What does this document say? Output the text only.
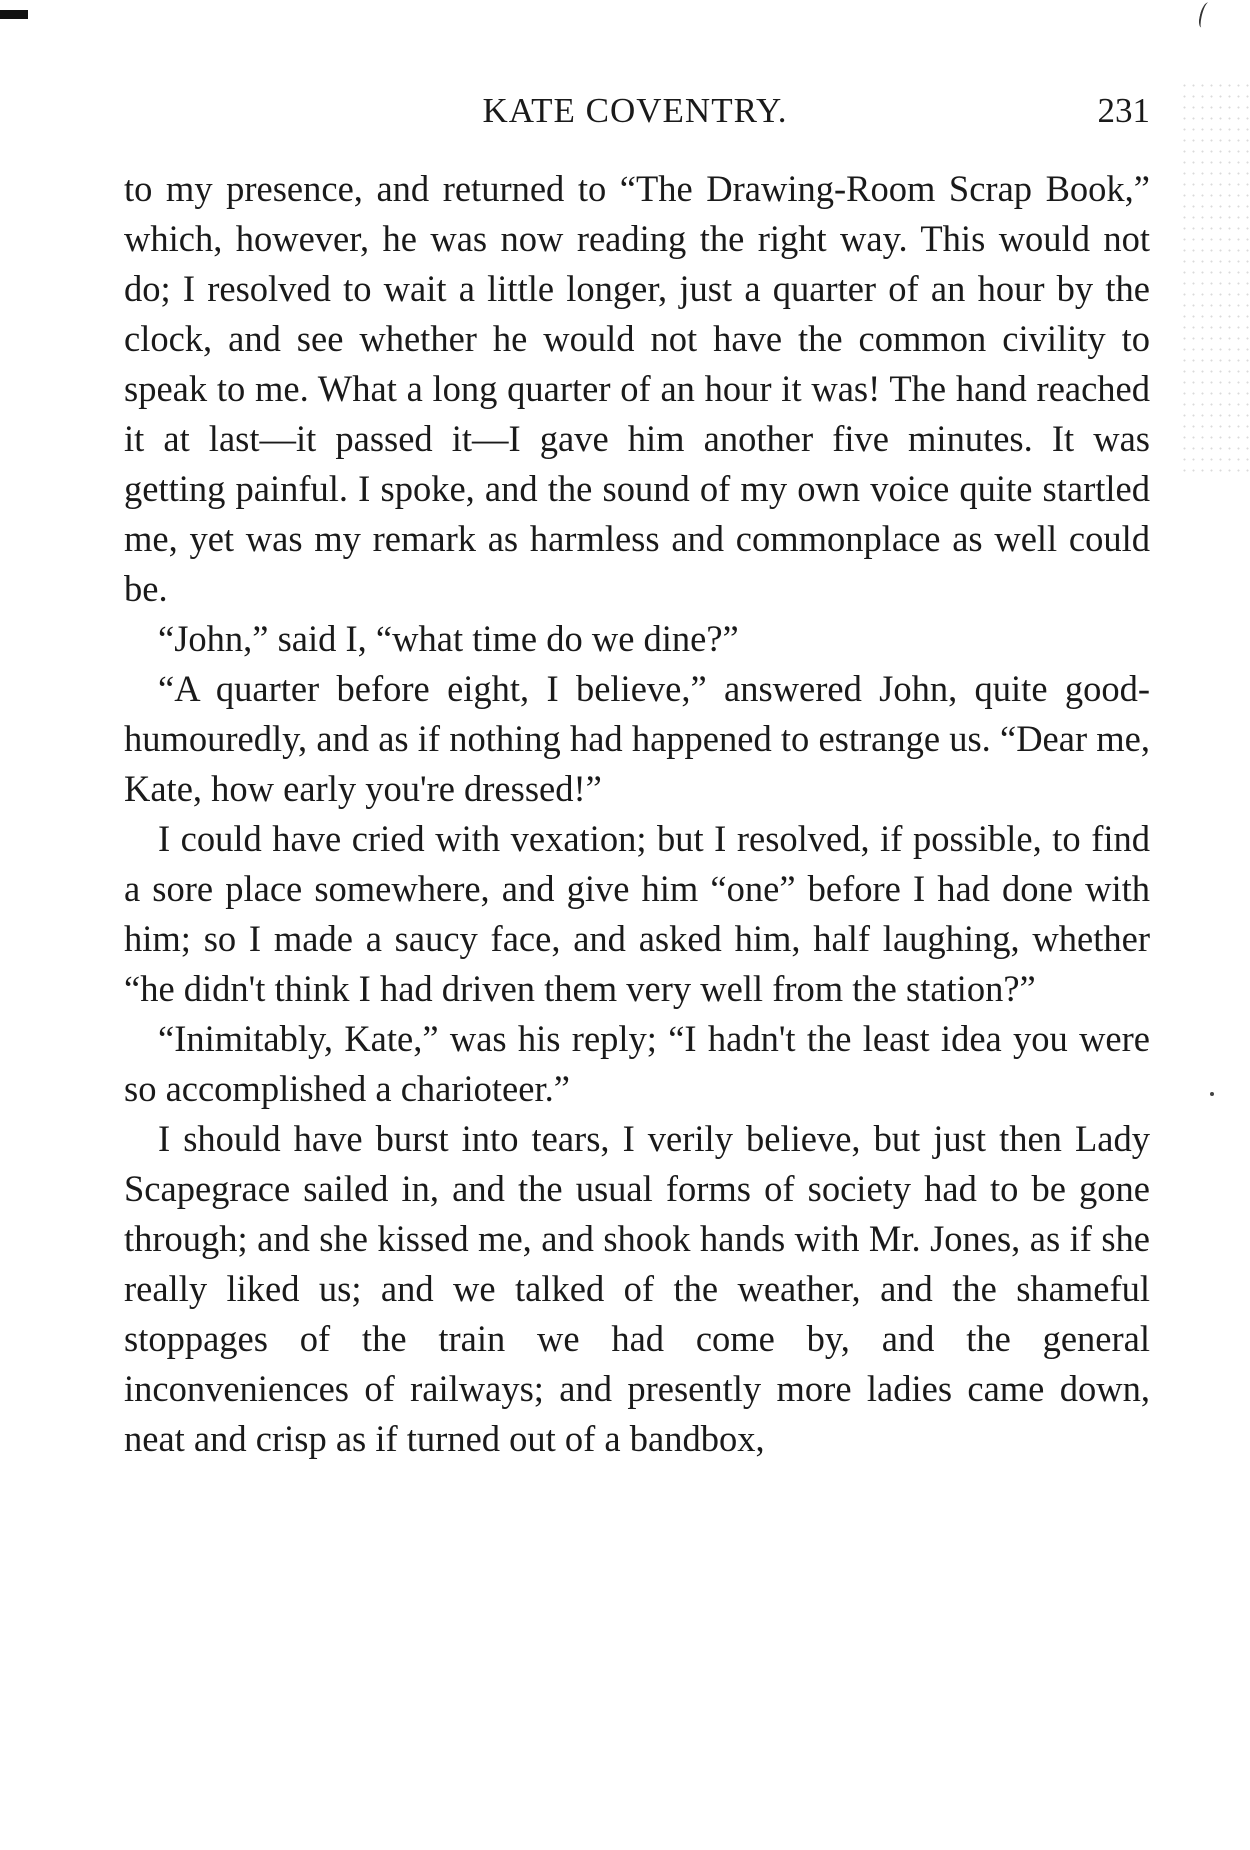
KATE COVENTRY.	231

to my presence, and returned to “The Drawing-Room Scrap Book,” which, however, he was now reading the right way. This would not do; I resolved to wait a little longer, just a quarter of an hour by the clock, and see whether he would not have the common civility to speak to me. What a long quarter of an hour it was! The hand reached it at last—it passed it—I gave him another five minutes. It was getting painful. I spoke, and the sound of my own voice quite startled me, yet was my remark as harmless and commonplace as well could be.

“John,” said I, “what time do we dine?”

“A quarter before eight, I believe,” answered John, quite good-humouredly, and as if nothing had happened to estrange us. “Dear me, Kate, how early you're dressed!”

I could have cried with vexation; but I resolved, if possible, to find a sore place somewhere, and give him “one” before I had done with him; so I made a saucy face, and asked him, half laughing, whether “he didn't think I had driven them very well from the station?”

“Inimitably, Kate,” was his reply; “I hadn't the least idea you were so accomplished a charioteer.”

I should have burst into tears, I verily believe, but just then Lady Scapegrace sailed in, and the usual forms of society had to be gone through; and she kissed me, and shook hands with Mr. Jones, as if she really liked us; and we talked of the weather, and the shameful stoppages of the train we had come by, and the general inconveniences of railways; and presently more ladies came down, neat and crisp as if turned out of a bandbox,
